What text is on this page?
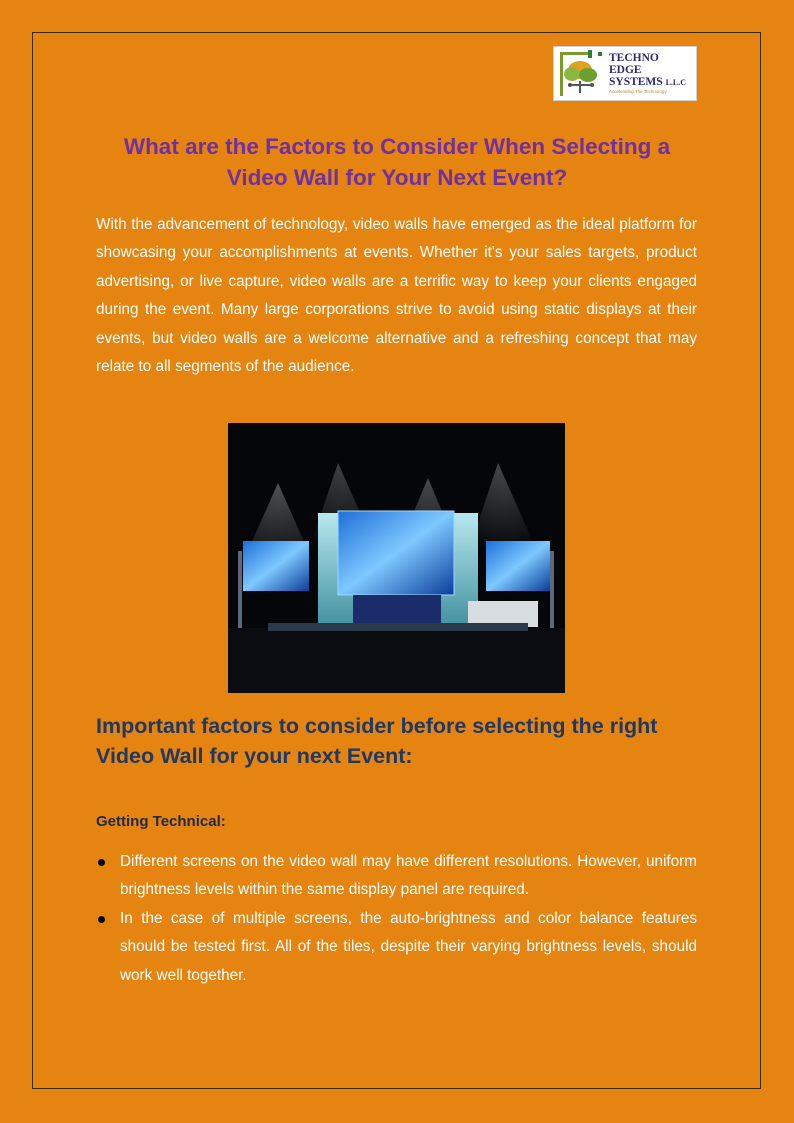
TECHNO
EDGE
SYSTEMS L.L.C
Accelerating The Technology
What are the Factors to Consider When Selecting a Video Wall for Your Next Event?

With the advancement of technology, video walls have emerged as the ideal platform for showcasing your accomplishments at events. Whether it's your sales targets, product advertising, or live capture, video walls are a terrific way to keep your clients engaged during the event. Many large corporations strive to avoid using static displays at their events, but video walls are a welcome alternative and a refreshing concept that may relate to all segments of the audience.

Important factors to consider before selecting the right Video Wall for your next Event:
Getting Technical:
Different screens on the video wall may have different resolutions. However, uniform brightness levels within the same display panel are required.
In the case of multiple screens, the auto-brightness and color balance features should be tested first. All of the tiles, despite their varying brightness levels, should work well together.
